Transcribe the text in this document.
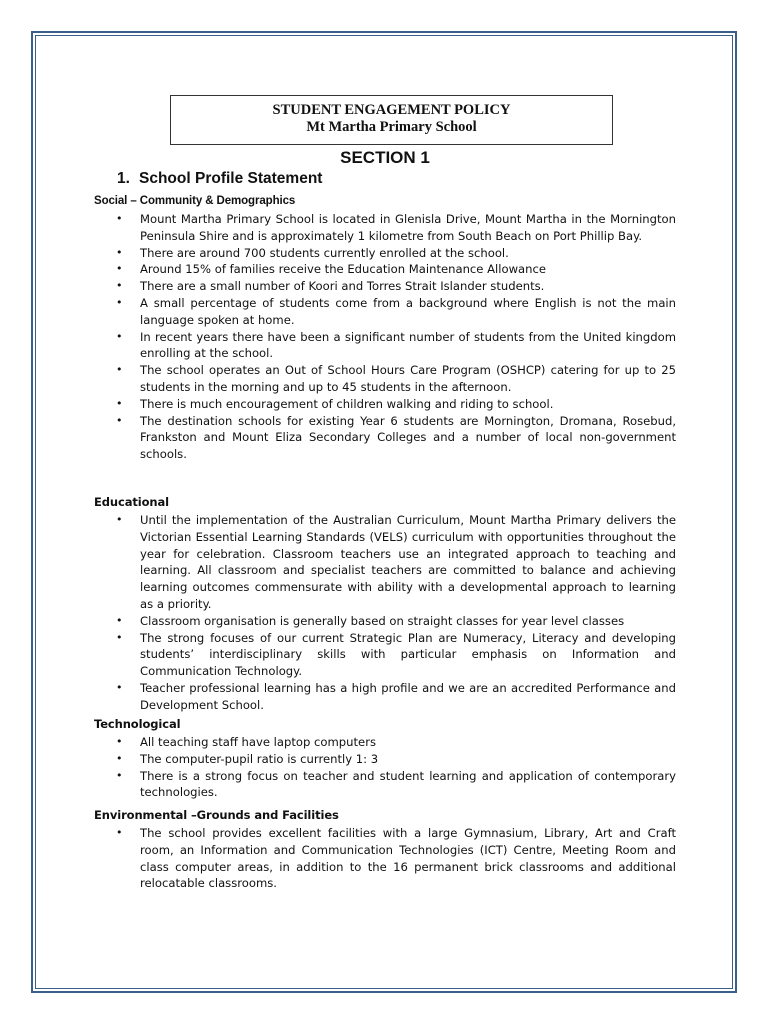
STUDENT ENGAGEMENT POLICY
Mt Martha Primary School
SECTION 1
1. School Profile Statement
Social – Community & Demographics
• Mount Martha Primary School is located in Glenisla Drive, Mount Martha in the Mornington Peninsula Shire and is approximately 1 kilometre from South Beach on Port Phillip Bay.
• There are around 700 students currently enrolled at the school.
• Around 15% of families receive the Education Maintenance Allowance
• There are a small number of Koori and Torres Strait Islander students.
• A small percentage of students come from a background where English is not the main language spoken at home.
• In recent years there have been a significant number of students from the United kingdom enrolling at the school.
• The school operates an Out of School Hours Care Program (OSHCP) catering for up to 25 students in the morning and up to 45 students in the afternoon.
• There is much encouragement of children walking and riding to school.
• The destination schools for existing Year 6 students are Mornington, Dromana, Rosebud, Frankston and Mount Eliza Secondary Colleges and a number of local non-government schools.
Educational
• Until the implementation of the Australian Curriculum, Mount Martha Primary delivers the Victorian Essential Learning Standards (VELS) curriculum with opportunities throughout the year for celebration. Classroom teachers use an integrated approach to teaching and learning. All classroom and specialist teachers are committed to balance and achieving learning outcomes commensurate with ability with a developmental approach to learning as a priority.
• Classroom organisation is generally based on straight classes for year level classes
• The strong focuses of our current Strategic Plan are Numeracy, Literacy and developing students’ interdisciplinary skills with particular emphasis on Information and Communication Technology.
• Teacher professional learning has a high profile and we are an accredited Performance and Development School.
Technological
• All teaching staff have laptop computers
• The computer-pupil ratio is currently 1: 3
• There is a strong focus on teacher and student learning and application of contemporary technologies.
Environmental –Grounds and Facilities
• The school provides excellent facilities with a large Gymnasium, Library, Art and Craft room, an Information and Communication Technologies (ICT) Centre, Meeting Room and class computer areas, in addition to the 16 permanent brick classrooms and additional relocatable classrooms.
